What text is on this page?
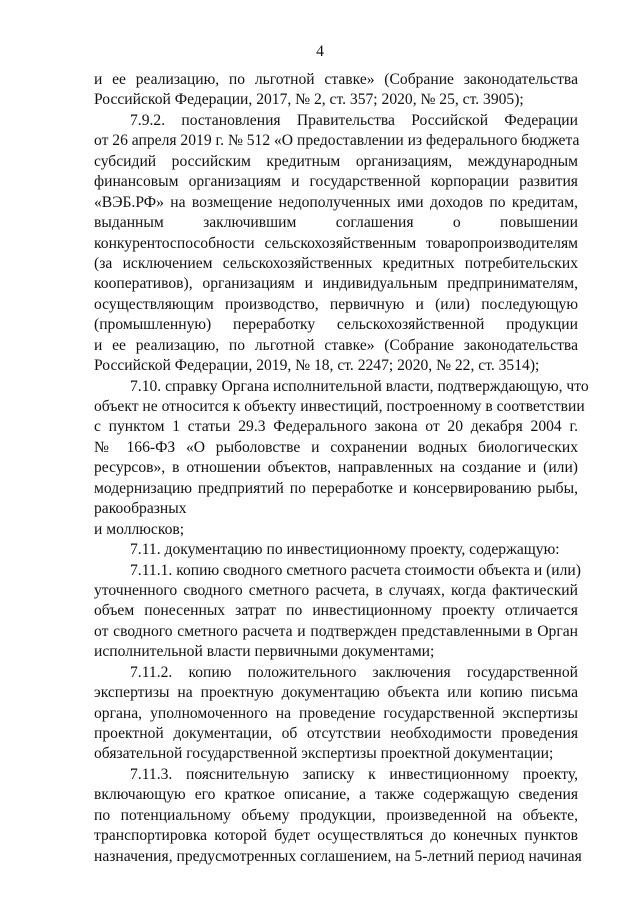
4
и ее реализацию, по льготной ставке» (Собрание законодательства
Российской Федерации, 2017, № 2, ст. 357; 2020, № 25, ст. 3905);
7.9.2. постановления Правительства Российской Федерации
от 26 апреля 2019 г. № 512 «О предоставлении из федерального бюджета
субсидий российским кредитным организациям, международным
финансовым организациям и государственной корпорации развития
«ВЭБ.РФ» на возмещение недополученных ими доходов по кредитам,
выданным заключившим соглашения о повышении
конкурентоспособности сельскохозяйственным товаропроизводителям
(за исключением сельскохозяйственных кредитных потребительских
кооперативов), организациям и индивидуальным предпринимателям,
осуществляющим производство, первичную и (или) последующую
(промышленную) переработку сельскохозяйственной продукции
и ее реализацию, по льготной ставке» (Собрание законодательства
Российской Федерации, 2019, № 18, ст. 2247; 2020, № 22, ст. 3514);
7.10. справку Органа исполнительной власти, подтверждающую, что
объект не относится к объекту инвестиций, построенному в соответствии
с пунктом 1 статьи 29.3 Федерального закона от 20 декабря 2004 г.
№ 166-ФЗ «О рыболовстве и сохранении водных биологических
ресурсов», в отношении объектов, направленных на создание и (или)
модернизацию предприятий по переработке и консервированию рыбы,
ракообразных
и моллюсков;
7.11. документацию по инвестиционному проекту, содержащую:
7.11.1. копию сводного сметного расчета стоимости объекта и (или)
уточненного сводного сметного расчета, в случаях, когда фактический
объем понесенных затрат по инвестиционному проекту отличается
от сводного сметного расчета и подтвержден представленными в Орган
исполнительной власти первичными документами;
7.11.2. копию положительного заключения государственной
экспертизы на проектную документацию объекта или копию письма
органа, уполномоченного на проведение государственной экспертизы
проектной документации, об отсутствии необходимости проведения
обязательной государственной экспертизы проектной документации;
7.11.3. пояснительную записку к инвестиционному проекту,
включающую его краткое описание, а также содержащую сведения
по потенциальному объему продукции, произведенной на объекте,
транспортировка которой будет осуществляться до конечных пунктов
назначения, предусмотренных соглашением, на 5-летний период начиная
